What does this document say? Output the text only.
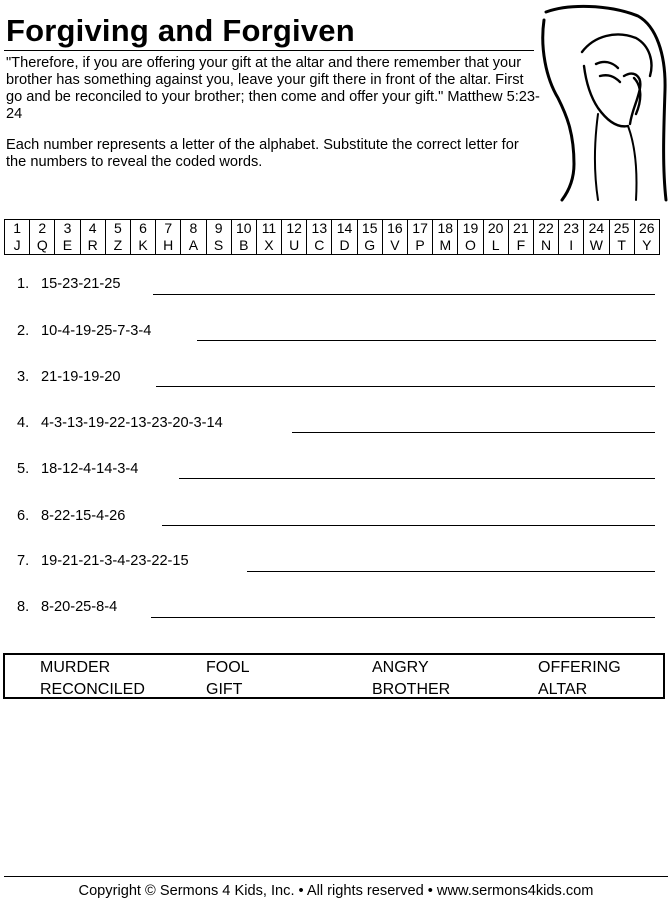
Forgiving and Forgiven
"Therefore, if you are offering your gift at the altar and there remember that your brother has something against you, leave your gift there in front of the altar. First go and be reconciled to your brother; then come and offer your gift." Matthew 5:23-24
Each number represents a letter of the alphabet. Substitute the correct letter for the numbers to reveal the coded words.
1	2	3	4	5	6	7	8	9	10	11	12	13	14	15	16	17	18	19	20	21	22	23	24	25	26
J	Q	E	R	Z	K	H	A	S	B	X	U	C	D	G	V	P	M	O	L	F	N	I	W	T	Y
1. 15-23-21-25
2. 10-4-19-25-7-3-4
3. 21-19-19-20
4. 4-3-13-19-22-13-23-20-3-14
5. 18-12-4-14-3-4
6. 8-22-15-4-26
7. 19-21-21-3-4-23-22-15
8. 8-20-25-8-4
MURDER	FOOL	ANGRY	OFFERING
RECONCILED	GIFT	BROTHER	ALTAR
Copyright © Sermons 4 Kids, Inc. • All rights reserved • www.sermons4kids.com
